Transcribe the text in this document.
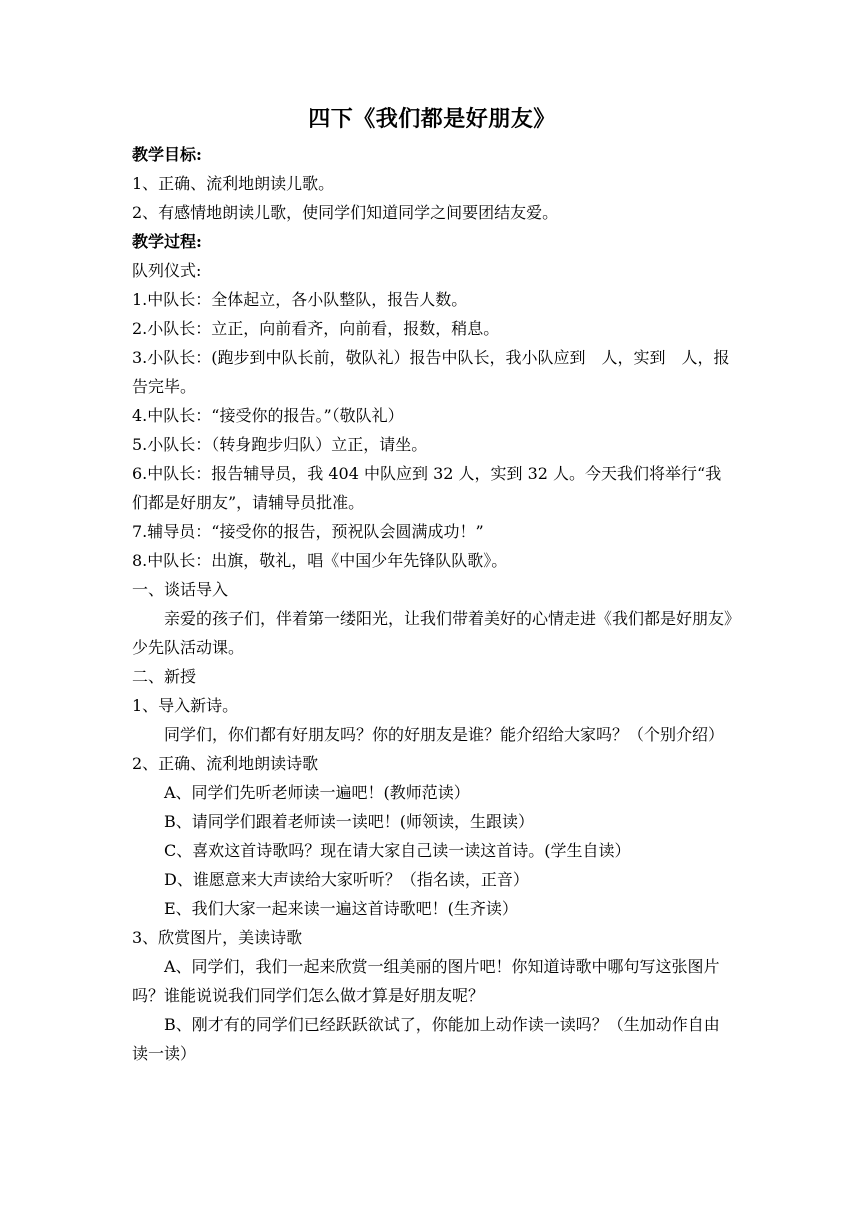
四下《我们都是好朋友》

教学目标:

1、正确、流利地朗读儿歌。

2、有感情地朗读儿歌，使同学们知道同学之间要团结友爱。

教学过程:

队列仪式:

1.中队长：全体起立，各小队整队，报告人数。

2.小队长：立正，向前看齐，向前看，报数，稍息。

3.小队长：(跑步到中队长前，敬队礼）报告中队长，我小队应到　人，实到　人，报告完毕。

4.中队长：“接受你的报告。”（敬队礼）

5.小队长：（转身跑步归队）立正，请坐。

6.中队长：报告辅导员，我 404 中队应到 32 人，实到 32 人。今天我们将举行“我们都是好朋友”，请辅导员批准。

7.辅导员：“接受你的报告，预祝队会圆满成功！”

8.中队长：出旗，敬礼，唱《中国少年先锋队队歌》。

一、谈话导入

亲爱的孩子们，伴着第一缕阳光，让我们带着美好的心情走进《我们都是好朋友》少先队活动课。

二、新授

1、导入新诗。

同学们，你们都有好朋友吗？你的好朋友是谁？能介绍给大家吗？（个别介绍）

2、正确、流利地朗读诗歌

A、同学们先听老师读一遍吧！(教师范读）

B、请同学们跟着老师读一读吧！(师领读，生跟读）

C、喜欢这首诗歌吗？现在请大家自己读一读这首诗。(学生自读）

D、谁愿意来大声读给大家听听？（指名读，正音）

E、我们大家一起来读一遍这首诗歌吧！(生齐读）

3、欣赏图片，美读诗歌

A、同学们，我们一起来欣赏一组美丽的图片吧！你知道诗歌中哪句写这张图片吗？谁能说说我们同学们怎么做才算是好朋友呢？

B、刚才有的同学们已经跃跃欲试了，你能加上动作读一读吗？（生加动作自由读一读）
